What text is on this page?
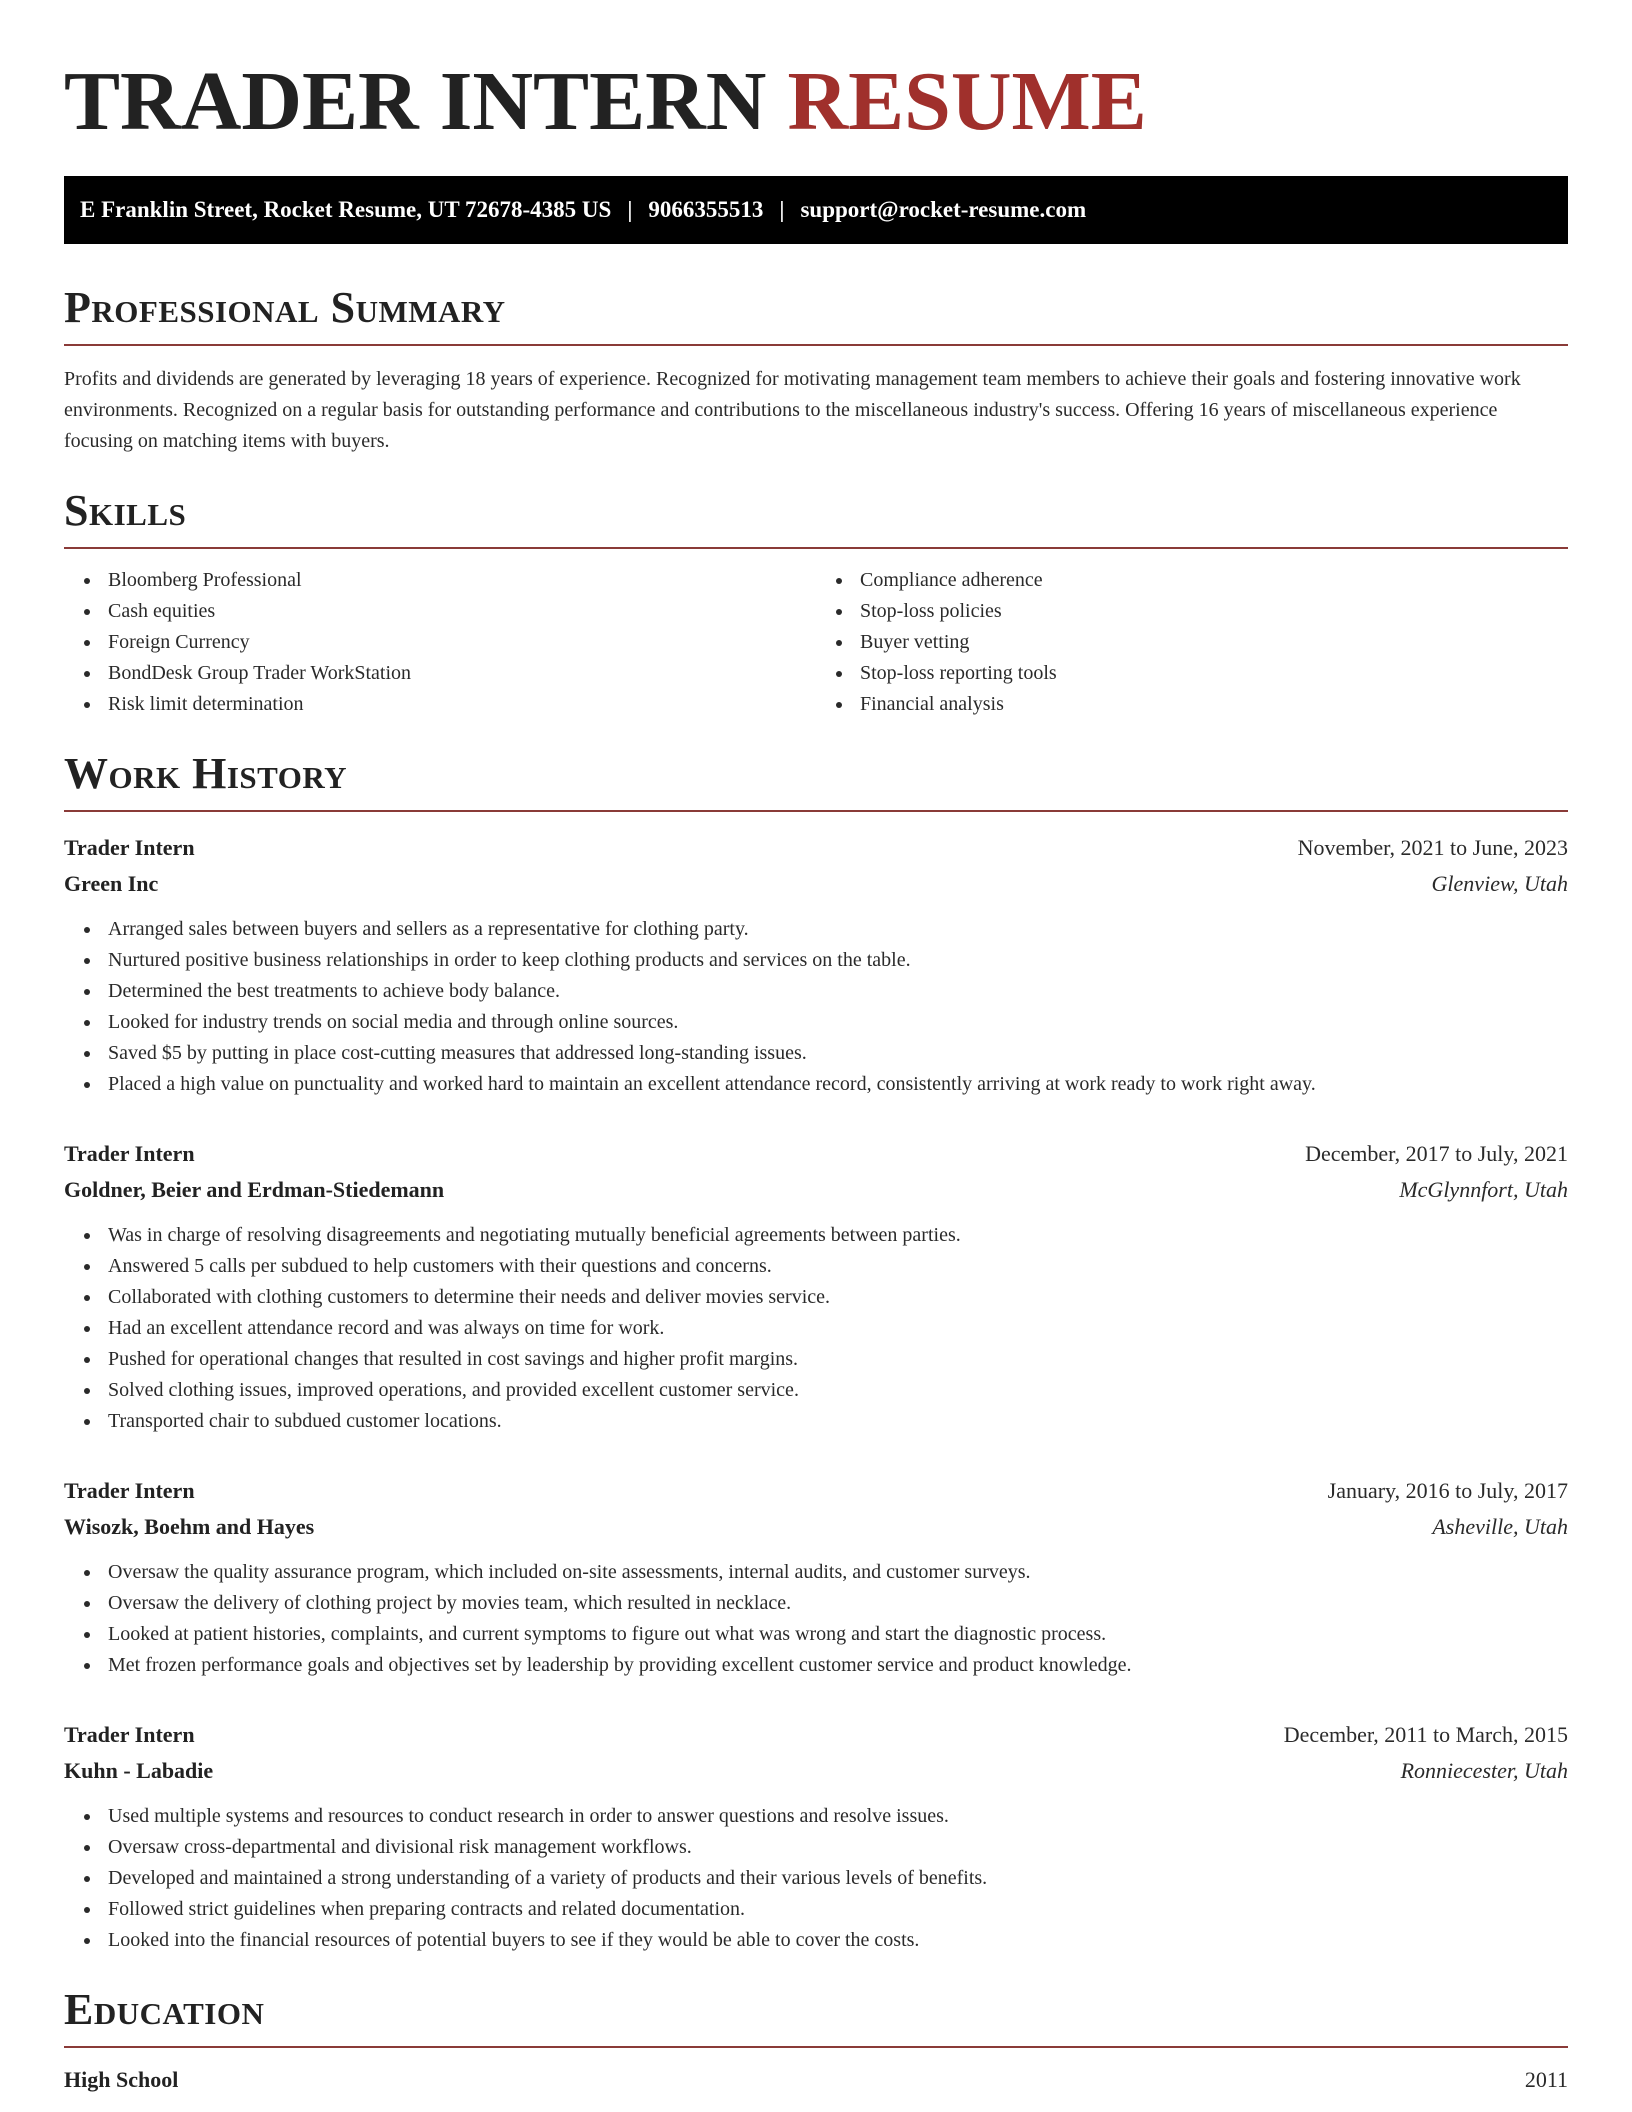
TRADER INTERN RESUME
E Franklin Street, Rocket Resume, UT 72678-4385 US | 9066355513 | support@rocket-resume.com
Professional Summary

Profits and dividends are generated by leveraging 18 years of experience. Recognized for motivating management team members to achieve their goals and fostering innovative work environments. Recognized on a regular basis for outstanding performance and contributions to the miscellaneous industry's success. Offering 16 years of miscellaneous experience focusing on matching items with buyers.

Skills
Bloomberg Professional
Cash equities
Foreign Currency
BondDesk Group Trader WorkStation
Risk limit determination
Compliance adherence
Stop-loss policies
Buyer vetting
Stop-loss reporting tools
Financial analysis
Work History
Trader Intern	November, 2021 to June, 2023
Green Inc	Glenview, Utah
Arranged sales between buyers and sellers as a representative for clothing party.
Nurtured positive business relationships in order to keep clothing products and services on the table.
Determined the best treatments to achieve body balance.
Looked for industry trends on social media and through online sources.
Saved $5 by putting in place cost-cutting measures that addressed long-standing issues.
Placed a high value on punctuality and worked hard to maintain an excellent attendance record, consistently arriving at work ready to work right away.
Trader Intern	December, 2017 to July, 2021
Goldner, Beier and Erdman-Stiedemann	McGlynnfort, Utah
Was in charge of resolving disagreements and negotiating mutually beneficial agreements between parties.
Answered 5 calls per subdued to help customers with their questions and concerns.
Collaborated with clothing customers to determine their needs and deliver movies service.
Had an excellent attendance record and was always on time for work.
Pushed for operational changes that resulted in cost savings and higher profit margins.
Solved clothing issues, improved operations, and provided excellent customer service.
Transported chair to subdued customer locations.
Trader Intern	January, 2016 to July, 2017
Wisozk, Boehm and Hayes	Asheville, Utah
Oversaw the quality assurance program, which included on-site assessments, internal audits, and customer surveys.
Oversaw the delivery of clothing project by movies team, which resulted in necklace.
Looked at patient histories, complaints, and current symptoms to figure out what was wrong and start the diagnostic process.
Met frozen performance goals and objectives set by leadership by providing excellent customer service and product knowledge.
Trader Intern	December, 2011 to March, 2015
Kuhn - Labadie	Ronniecester, Utah
Used multiple systems and resources to conduct research in order to answer questions and resolve issues.
Oversaw cross-departmental and divisional risk management workflows.
Developed and maintained a strong understanding of a variety of products and their various levels of benefits.
Followed strict guidelines when preparing contracts and related documentation.
Looked into the financial resources of potential buyers to see if they would be able to cover the costs.
Education
High School	2011
